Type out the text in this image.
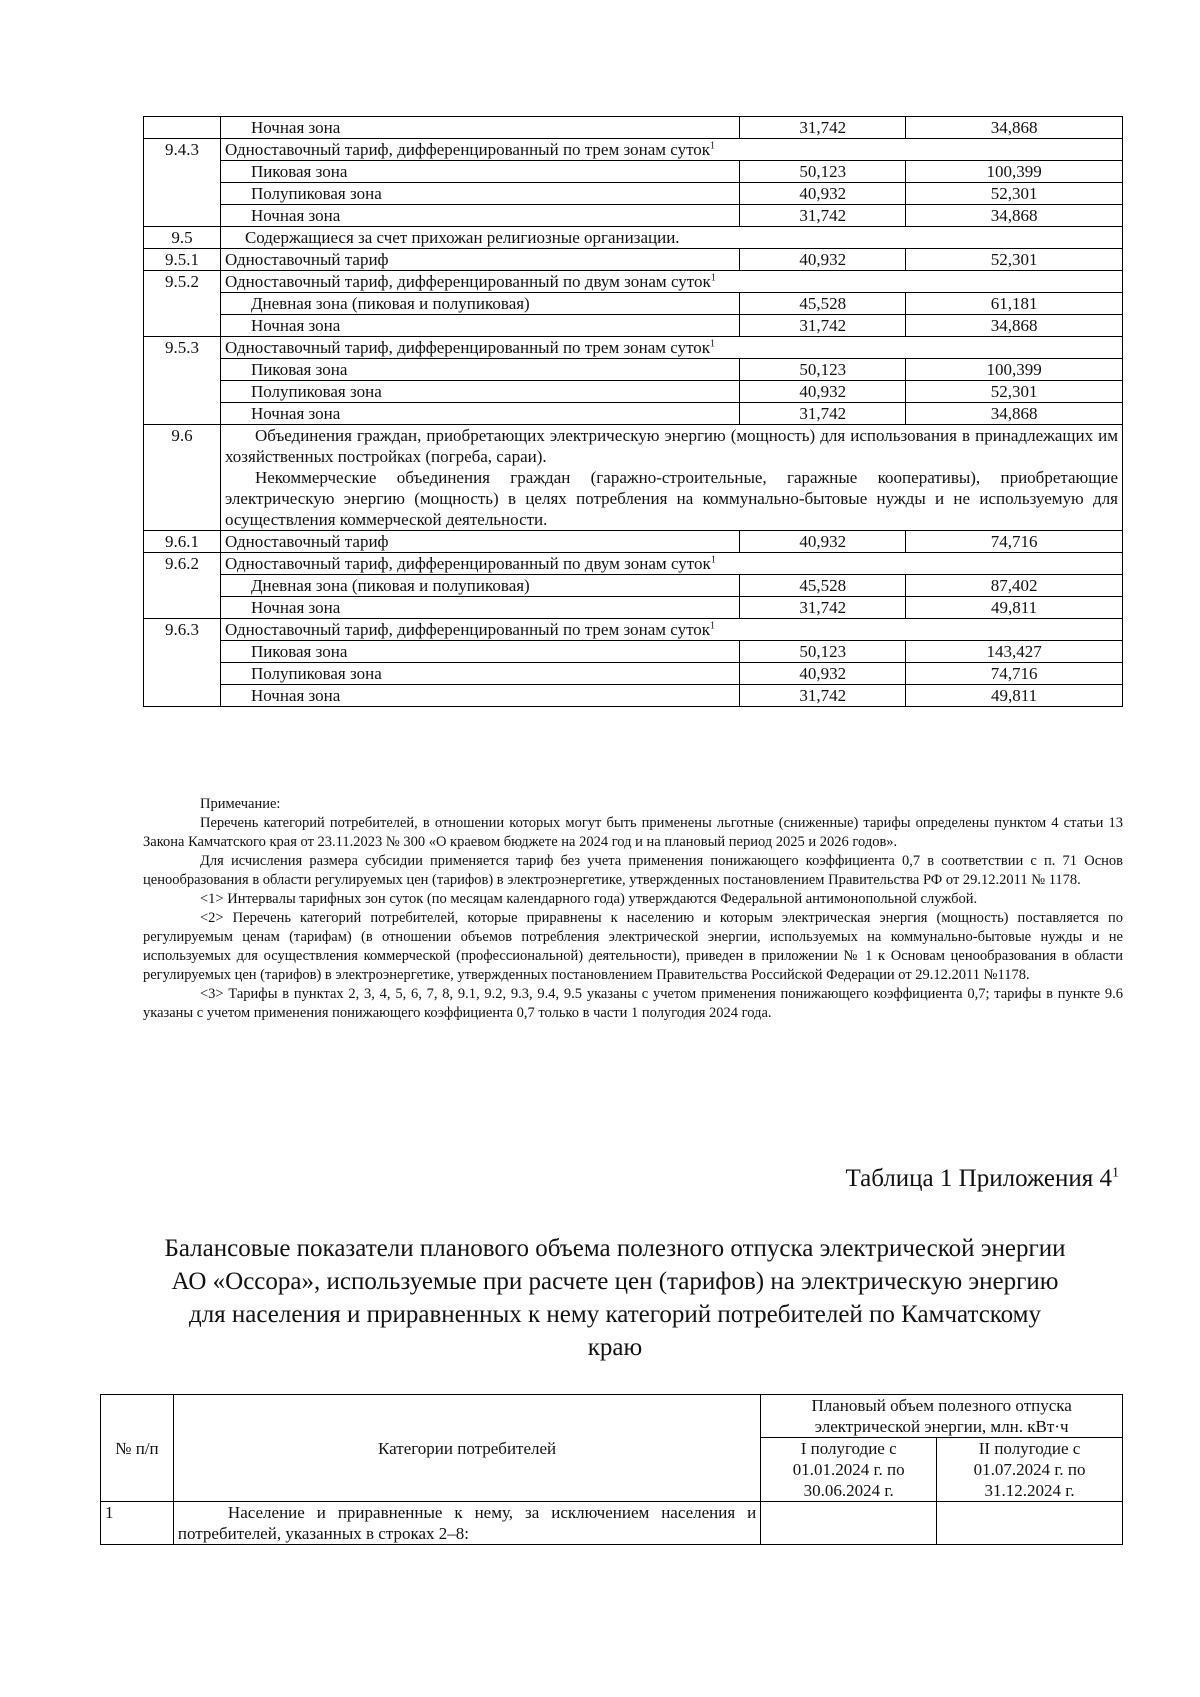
	Ночная зона	31,742	34,868
9.4.3	Одноставочный тариф, дифференцированный по трем зонам суток$^1$
	Пиковая зона	50,123	100,399
	Полупиковая зона	40,932	52,301
	Ночная зона	31,742	34,868
9.5	Содержащиеся за счет прихожан религиозные организации.		
9.5.1	Одноставочный тариф	40,932	52,301
9.5.2	Одноставочный тариф, дифференцированный по двум зонам суток$^1$
	Дневная зона (пиковая и полупиковая)	45,528	61,181
	Ночная зона	31,742	34,868
9.5.3	Одноставочный тариф, дифференцированный по трем зонам суток$^1$
	Пиковая зона	50,123	100,399
	Полупиковая зона	40,932	52,301
	Ночная зона	31,742	34,868
9.6	Объединения граждан, приобретающих электрическую энергию (мощность) для использования в принадлежащих им хозяйственных постройках (погреба, сараи).

Некоммерческие объединения граждан (гаражно-строительные, гаражные кооперативы), приобретающие электрическую энергию (мощность) в целях потребления на коммунально-бытовые нужды и не используемую для осуществления коммерческой деятельности.		

9.6.1	Одноставочный тариф	40,932	74,716
9.6.2	Одноставочный тариф, дифференцированный по двум зонам суток$^1$
	Дневная зона (пиковая и полупиковая)	45,528	87,402
	Ночная зона	31,742	49,811
9.6.3	Одноставочный тариф, дифференцированный по трем зонам суток$^1$
	Пиковая зона	50,123	143,427
	Полупиковая зона	40,932	74,716
	Ночная зона	31,742	49,811

Примечание:

Перечень категорий потребителей, в отношении которых могут быть применены льготные (сниженные) тарифы определены пунктом 4 статьи 13 Закона Камчатского края от 23.11.2023 № 300 «О краевом бюджете на 2024 год и на плановый период 2025 и 2026 годов».

Для исчисления размера субсидии применяется тариф без учета применения понижающего коэффициента 0,7 в соответствии с п. 71 Основ ценообразования в области регулируемых цен (тарифов) в электроэнергетике, утвержденных постановлением Правительства РФ от 29.12.2011 № 1178.

<1> Интервалы тарифных зон суток (по месяцам календарного года) утверждаются Федеральной антимонопольной службой.

<2> Перечень категорий потребителей, которые приравнены к населению и которым электрическая энергия (мощность) поставляется по регулируемым ценам (тарифам) (в отношении объемов потребления электрической энергии, используемых на коммунально-бытовые нужды и не используемых для осуществления коммерческой (профессиональной) деятельности), приведен в приложении № 1 к Основам ценообразования в области регулируемых цен (тарифов) в электроэнергетике, утвержденных постановлением Правительства Российской Федерации от 29.12.2011 №1178.

<3> Тарифы в пунктах 2, 3, 4, 5, 6, 7, 8, 9.1, 9.2, 9.3, 9.4, 9.5 указаны с учетом применения понижающего коэффициента 0,7; тарифы в пункте 9.6 указаны с учетом применения понижающего коэффициента 0,7 только в части 1 полугодия 2024 года.

Таблица 1 Приложения $4^1$
Балансовые показатели планового объема полезного отпуска электрической энергии АО «Оссора», используемые при расчете цен (тарифов) на электрическую энергию для населения и приравненных к нему категорий потребителей по Камчатскому краю
№ п/п	Категории потребителей	Плановый объем полезного отпуска электрической энергии, млн. кВт·ч	
		I полугодие с 01.01.2024 г. по 30.06.2024 г.	II полугодие с 01.07.2024 г. по 31.12.2024 г.
1	Население и приравненные к нему, за исключением населения и потребителей, указанных в строках 2–8:		
